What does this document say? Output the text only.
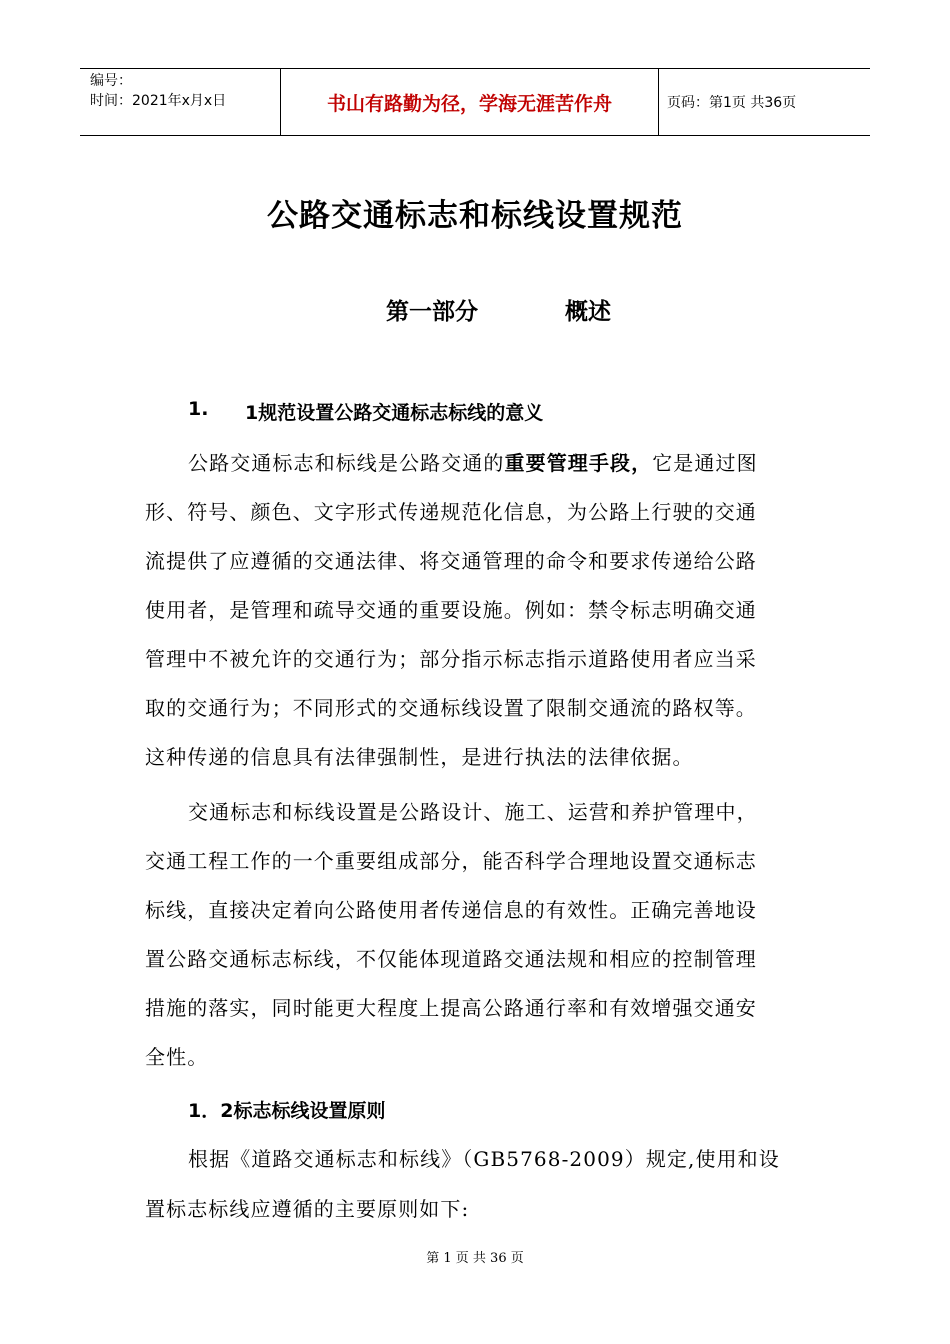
编号：
时间：2021年x月x日	书山有路勤为径，学海无涯苦作舟	页码：第1页 共36页
公路交通标志和标线设置规范
第一部分	概述
1. 1规范设置公路交通标志标线的意义
公路交通标志和标线是公路交通的重要管理手段，它是通过图
形、符号、颜色、文字形式传递规范化信息，为公路上行驶的交通
流提供了应遵循的交通法律、将交通管理的命令和要求传递给公路
使用者，是管理和疏导交通的重要设施。例如：禁令标志明确交通
管理中不被允许的交通行为；部分指示标志指示道路使用者应当采
取的交通行为；不同形式的交通标线设置了限制交通流的路权等。
这种传递的信息具有法律强制性，是进行执法的法律依据。
交通标志和标线设置是公路设计、施工、运营和养护管理中，
交通工程工作的一个重要组成部分，能否科学合理地设置交通标志
标线，直接决定着向公路使用者传递信息的有效性。正确完善地设
置公路交通标志标线，不仅能体现道路交通法规和相应的控制管理
措施的落实，同时能更大程度上提高公路通行率和有效增强交通安
全性。
1．2标志标线设置原则
根据《道路交通标志和标线》（GB5768-2009）规定,使用和设
置标志标线应遵循的主要原则如下:
第 1 页 共 36 页
